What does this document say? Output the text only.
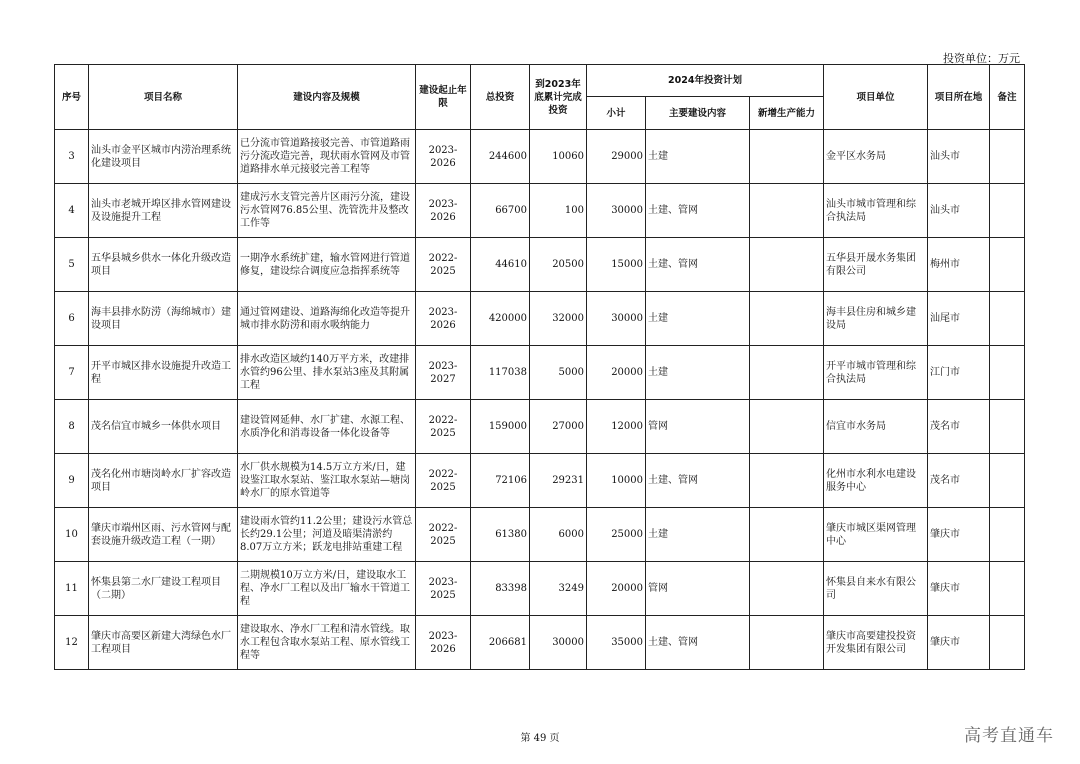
投资单位：万元
序号	项目名称	建设内容及规模	建设起止年限	总投资	到2023年底累计完成投资	2024年投资计划			项目单位	项目所在地	备注
						小计	主要建设内容	新增生产能力			
3	汕头市金平区城市内涝治理系统化建设项目	已分流市管道路接驳完善、市管道路雨污分流改造完善，现状雨水管网及市管道路排水单元接驳完善工程等	2023-2026	244600	10060	29000	土建		金平区水务局	汕头市	
4	汕头市老城开埠区排水管网建设及设施提升工程	建成污水支管完善片区雨污分流，建设污水管网76.85公里、洗管洗井及整改工作等	2023-2026	66700	100	30000	土建、管网		汕头市城市管理和综合执法局	汕头市	
5	五华县城乡供水一体化升级改造项目	一期净水系统扩建，输水管网进行管道修复，建设综合调度应急指挥系统等	2022-2025	44610	20500	15000	土建、管网		五华县开晟水务集团有限公司	梅州市	
6	海丰县排水防涝（海绵城市）建设项目	通过管网建设、道路海绵化改造等提升城市排水防涝和雨水吸纳能力	2023-2026	420000	32000	30000	土建		海丰县住房和城乡建设局	汕尾市	
7	开平市城区排水设施提升改造工程	排水改造区域约140万平方米，改建排水管约96公里、排水泵站3座及其附属工程	2023-2027	117038	5000	20000	土建		开平市城市管理和综合执法局	江门市	
8	茂名信宜市城乡一体供水项目	建设管网延伸、水厂扩建、水源工程、水质净化和消毒设备一体化设备等	2022-2025	159000	27000	12000	管网		信宜市水务局	茂名市	
9	茂名化州市塘岗岭水厂扩容改造项目	水厂供水规模为14.5万立方米/日，建设鉴江取水泵站、鉴江取水泵站—塘岗岭水厂的原水管道等	2022-2025	72106	29231	10000	土建、管网		化州市水利水电建设服务中心	茂名市	
10	肇庆市端州区雨、污水管网与配套设施升级改造工程（一期）	建设雨水管约11.2公里；建设污水管总长约29.1公里；河道及暗渠清淤约8.07万立方米；跃龙电排站重建工程	2022-2025	61380	6000	25000	土建		肇庆市城区渠网管理中心	肇庆市	
11	怀集县第二水厂建设工程项目（二期）	二期规模10万立方米/日，建设取水工程、净水厂工程以及出厂输水干管道工程	2023-2025	83398	3249	20000	管网		怀集县自来水有限公司	肇庆市	
12	肇庆市高要区新建大湾绿色水厂工程项目	建设取水、净水厂工程和清水管线。取水工程包含取水泵站工程、原水管线工程等	2023-2026	206681	30000	35000	土建、管网		肇庆市高要建投投资开发集团有限公司	肇庆市	
第 49 页	高考直通车
